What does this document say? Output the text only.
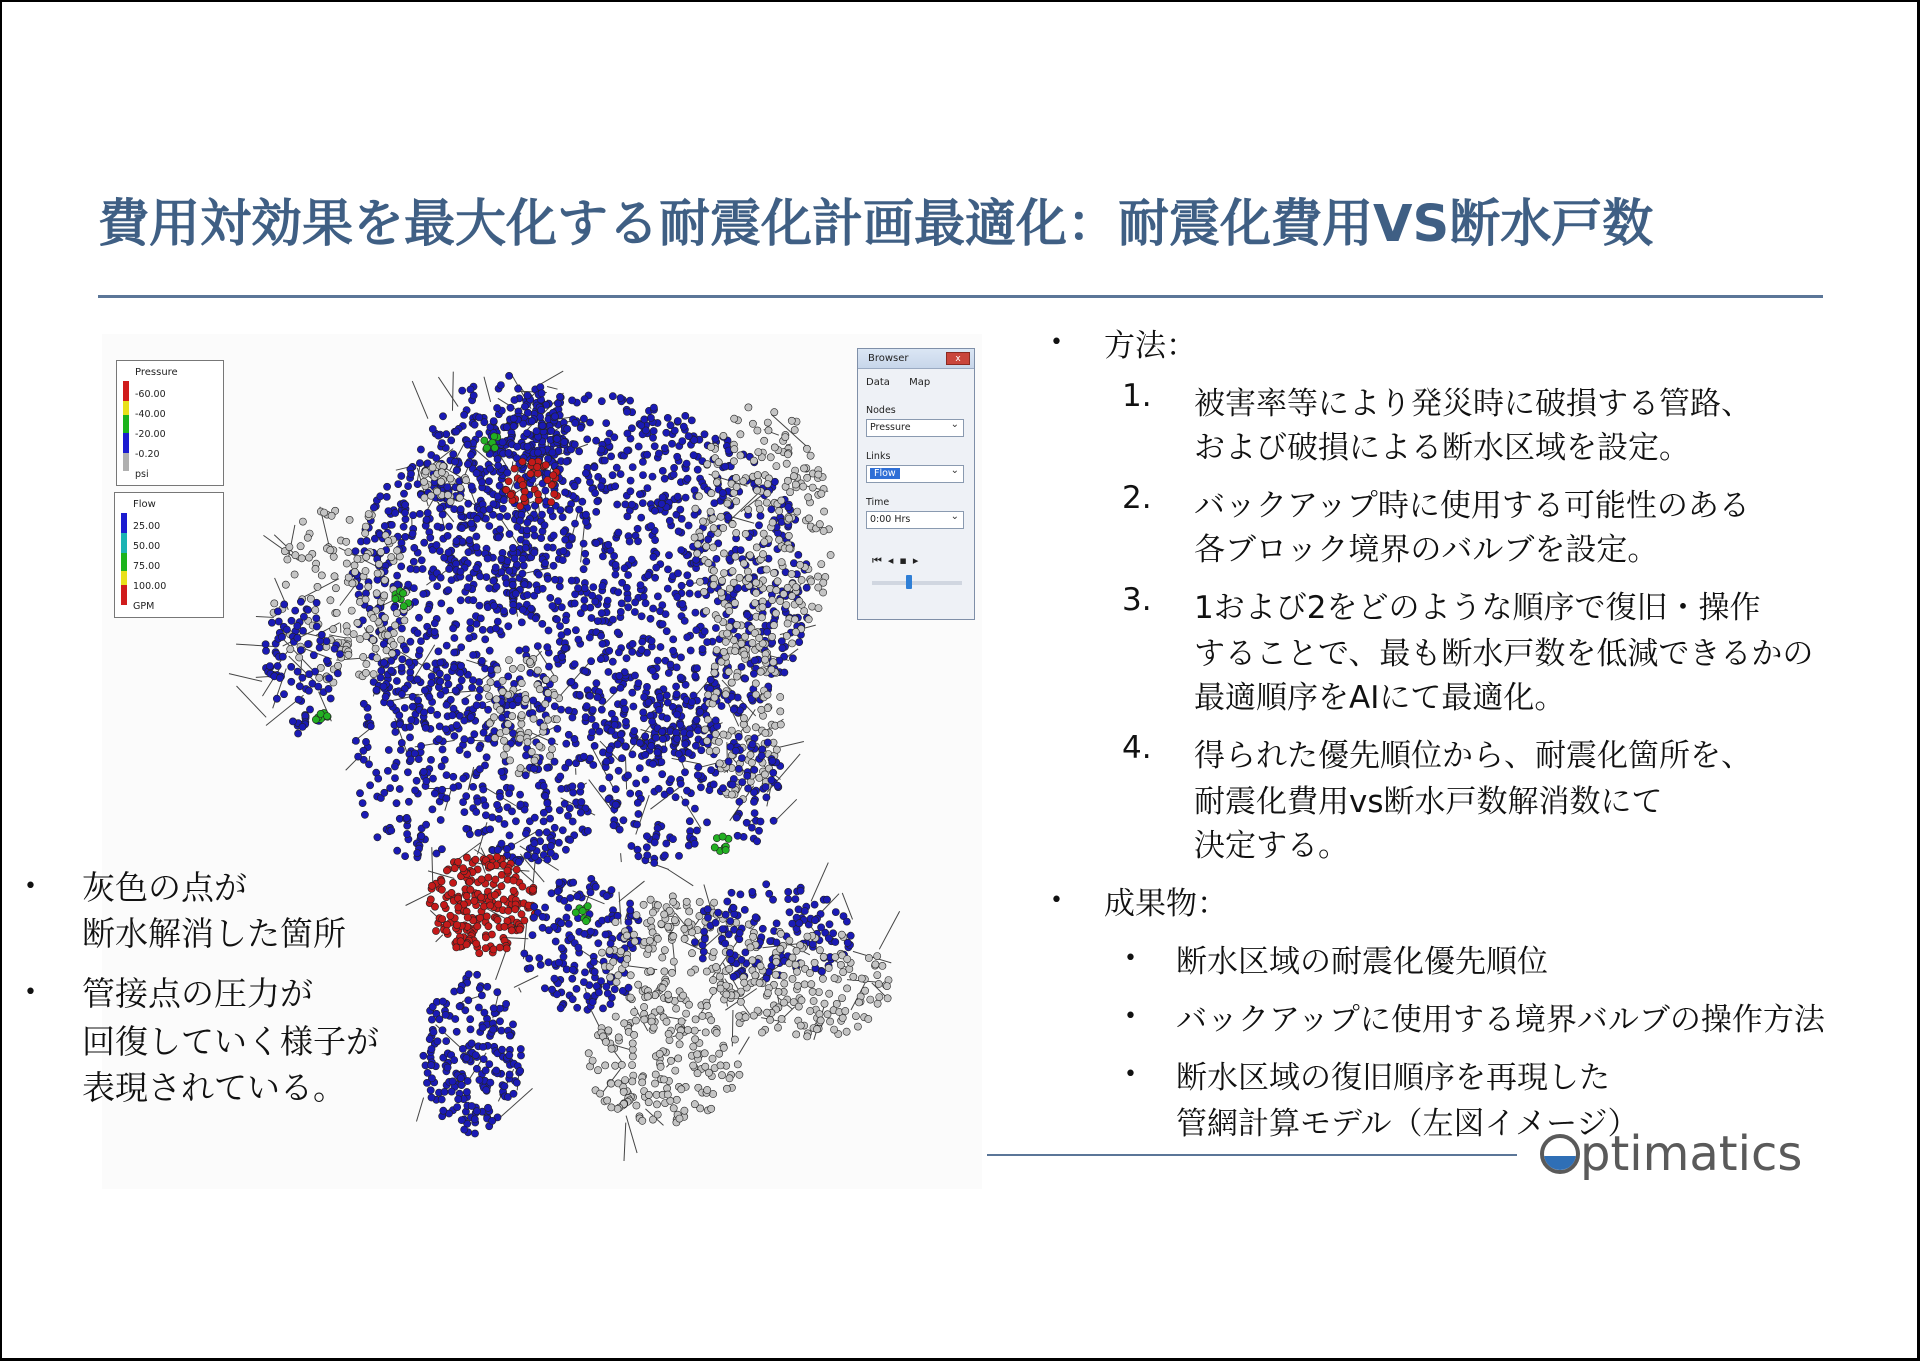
費用対効果を最大化する耐震化計画最適化：耐震化費用VS断水戸数
Pressure
-60.00
-40.00
-20.00
-0.20
psi
Flow
25.00
50.00
75.00
100.00
GPM
Browser	x
Data Map
Nodes
Pressure ⌄
Links
Flow ⌄
Time
0:00 Hrs ⌄
⏮◂▪▸
• 灰色の点が
断水解消した箇所
• 管接点の圧力が
回復していく様子が
表現されている。
• 方法：
1. 被害率等により発災時に破損する管路、
および破損による断水区域を設定。
2. バックアップ時に使用する可能性のある
各ブロック境界のバルブを設定。
3. 1および2をどのような順序で復旧・操作
することで、最も断水戸数を低減できるかの
最適順序をAIにて最適化。
4. 得られた優先順位から、耐震化箇所を、
耐震化費用vs断水戸数解消数にて
決定する。
• 成果物：
• 断水区域の耐震化優先順位
• バックアップに使用する境界バルブの操作方法
• 断水区域の復旧順序を再現した
管網計算モデル（左図イメージ）
ptimatics
